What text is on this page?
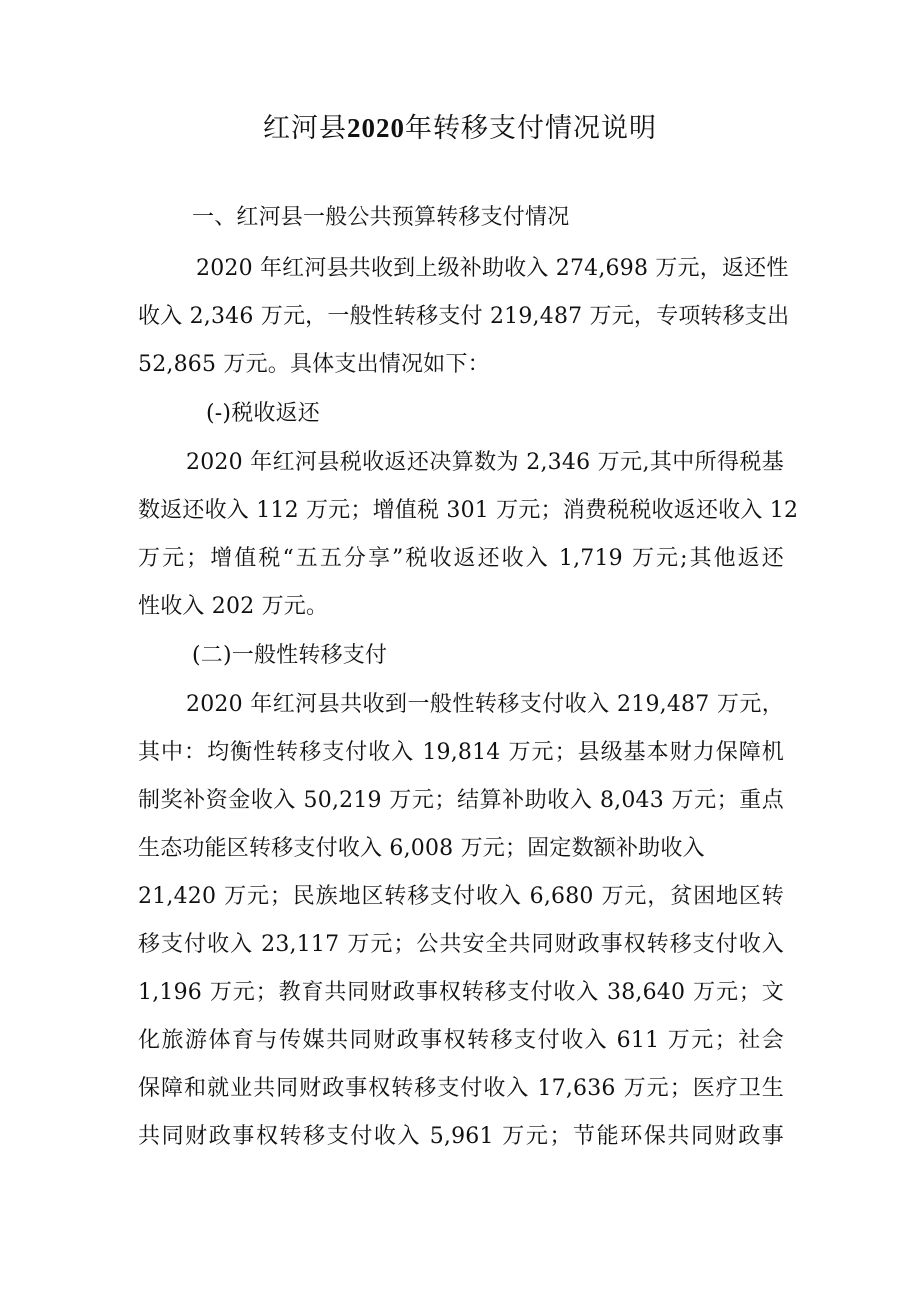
红河县2020年转移支付情况说明
一、红河县一般公共预算转移支付情况
2020 年红河县共收到上级补助收入 274,698 万元，返还性
收入 2,346 万元，一般性转移支付 219,487 万元，专项转移支出
52,865 万元。具体支出情况如下：
(-)税收返还
2020 年红河县税收返还决算数为 2,346 万元,其中所得税基
数返还收入 112 万元；增值税 301 万元；消费税税收返还收入 12
万元；增值税“五五分享”税收返还收入 1,719 万元;其他返还
性收入 202 万元。
(二)一般性转移支付
2020 年红河县共收到一般性转移支付收入 219,487 万元，
其中：均衡性转移支付收入 19,814 万元；县级基本财力保障机
制奖补资金收入 50,219 万元；结算补助收入 8,043 万元；重点
生态功能区转移支付收入 6,008 万元；固定数额补助收入
21,420 万元；民族地区转移支付收入 6,680 万元，贫困地区转
移支付收入 23,117 万元；公共安全共同财政事权转移支付收入
1,196 万元；教育共同财政事权转移支付收入 38,640 万元；文
化旅游体育与传媒共同财政事权转移支付收入 611 万元；社会
保障和就业共同财政事权转移支付收入 17,636 万元；医疗卫生
共同财政事权转移支付收入 5,961 万元；节能环保共同财政事
